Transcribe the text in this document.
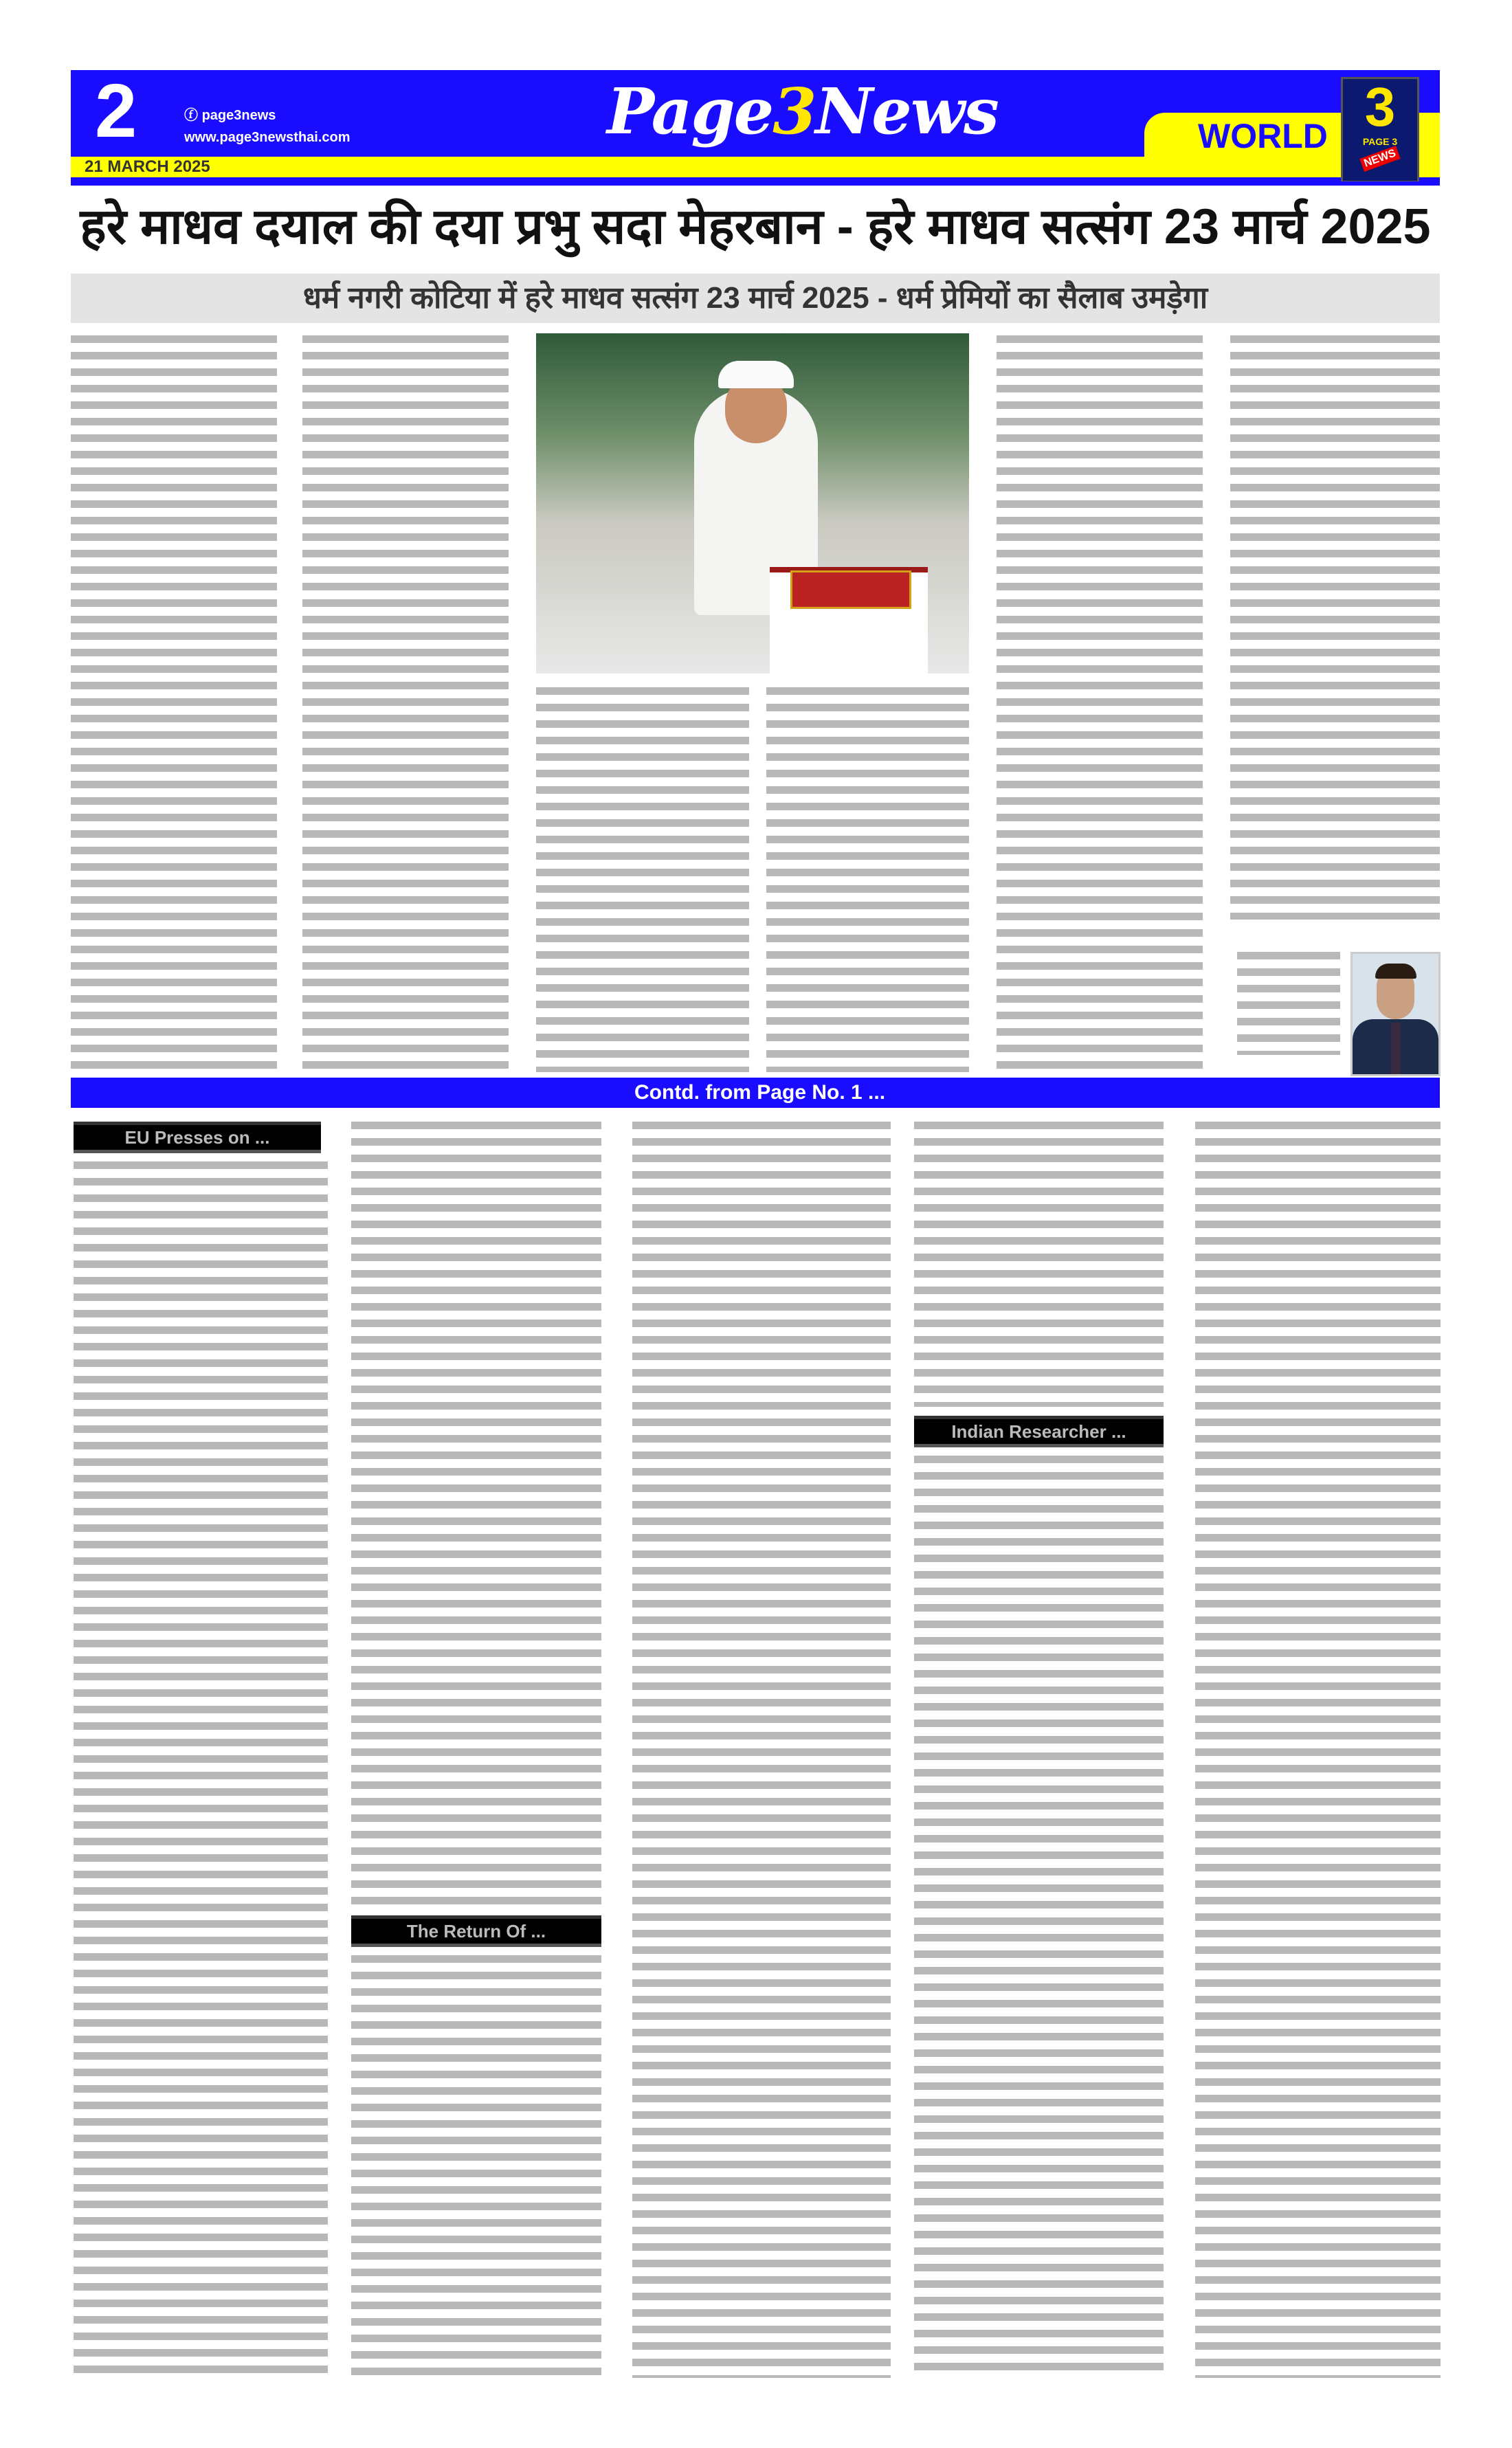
2	ⓕ page3news
www.page3newsthai.com	Page3News	WORLD
21 MARCH 2025
3
PAGE 3
NEWS
हरे माधव दयाल की दया प्रभु सदा मेहरबान - हरे माधव सत्संग 23 मार्च 2025
धर्म नगरी कोटिया में हरे माधव सत्संग 23 मार्च 2025 - धर्म प्रेमियों का सैलाब उमड़ेगा
Contd. from Page No. 1 ...
EU Presses on ...
The Return Of ...
Indian Researcher ...
